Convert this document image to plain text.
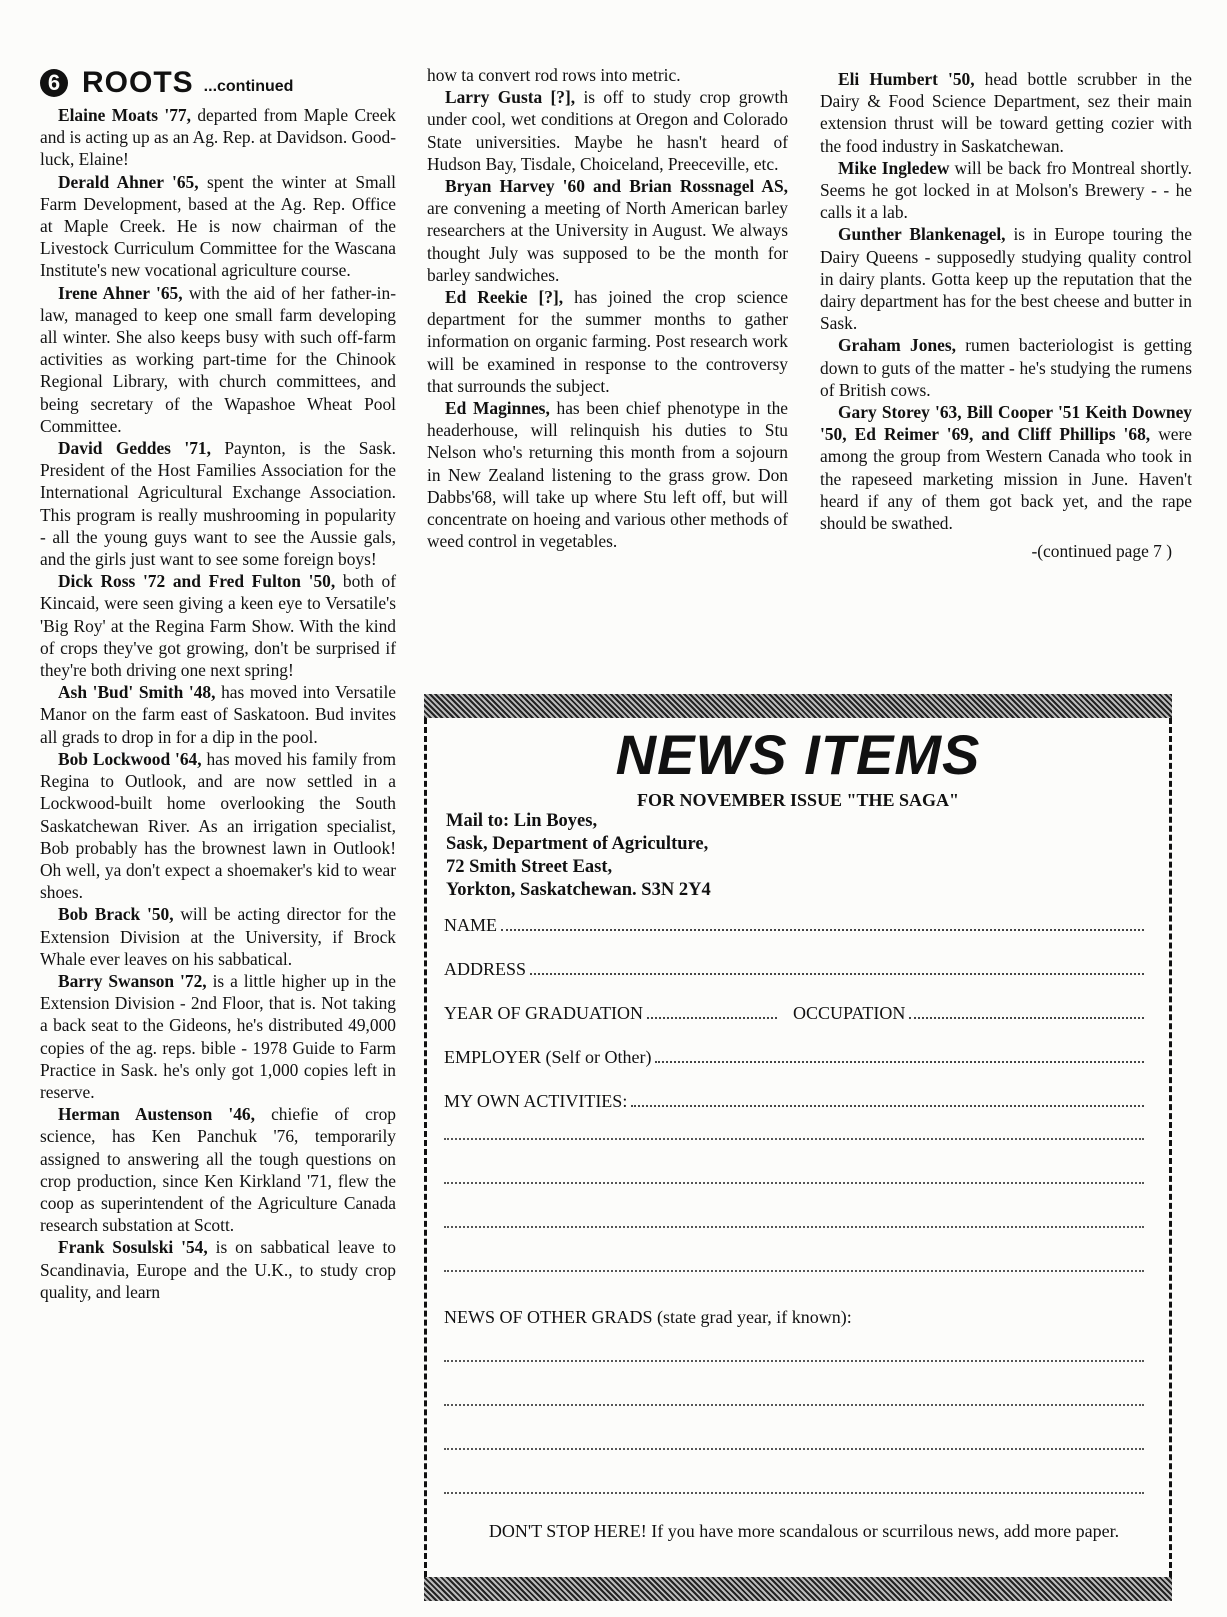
6 ROOTS ...continued

Elaine Moats '77, departed from Maple Creek and is acting up as an Ag. Rep. at Davidson. Good-luck, Elaine!

Derald Ahner '65, spent the winter at Small Farm Development, based at the Ag. Rep. Office at Maple Creek. He is now chairman of the Livestock Curriculum Committee for the Wascana Institute's new vocational agriculture course.

Irene Ahner '65, with the aid of her father-in-law, managed to keep one small farm developing all winter. She also keeps busy with such off-farm activities as working part-time for the Chinook Regional Library, with church committees, and being secretary of the Wapashoe Wheat Pool Committee.

David Geddes '71, Paynton, is the Sask. President of the Host Families Association for the International Agricultural Exchange Association. This program is really mushrooming in popularity - all the young guys want to see the Aussie gals, and the girls just want to see some foreign boys!

Dick Ross '72 and Fred Fulton '50, both of Kincaid, were seen giving a keen eye to Versatile's 'Big Roy' at the Regina Farm Show. With the kind of crops they've got growing, don't be surprised if they're both driving one next spring!

Ash 'Bud' Smith '48, has moved into Versatile Manor on the farm east of Saskatoon. Bud invites all grads to drop in for a dip in the pool.

Bob Lockwood '64, has moved his family from Regina to Outlook, and are now settled in a Lockwood-built home overlooking the South Saskatchewan River. As an irrigation specialist, Bob probably has the brownest lawn in Outlook! Oh well, ya don't expect a shoemaker's kid to wear shoes.

Bob Brack '50, will be acting director for the Extension Division at the University, if Brock Whale ever leaves on his sabbatical.

Barry Swanson '72, is a little higher up in the Extension Division - 2nd Floor, that is. Not taking a back seat to the Gideons, he's distributed 49,000 copies of the ag. reps. bible - 1978 Guide to Farm Practice in Sask. he's only got 1,000 copies left in reserve.

Herman Austenson '46, chiefie of crop science, has Ken Panchuk '76, temporarily assigned to answering all the tough questions on crop production, since Ken Kirkland '71, flew the coop as superintendent of the Agriculture Canada research substation at Scott.

Frank Sosulski '54, is on sabbatical leave to Scandinavia, Europe and the U.K., to study crop quality, and learn

how ta convert rod rows into metric.

Larry Gusta [?], is off to study crop growth under cool, wet conditions at Oregon and Colorado State universities. Maybe he hasn't heard of Hudson Bay, Tisdale, Choiceland, Preeceville, etc.

Bryan Harvey '60 and Brian Rossnagel AS, are convening a meeting of North American barley researchers at the University in August. We always thought July was supposed to be the month for barley sandwiches.

Ed Reekie [?], has joined the crop science department for the summer months to gather information on organic farming. Post research work will be examined in response to the controversy that surrounds the subject.

Ed Maginnes, has been chief phenotype in the headerhouse, will relinquish his duties to Stu Nelson who's returning this month from a sojourn in New Zealand listening to the grass grow. Don Dabbs'68, will take up where Stu left off, but will concentrate on hoeing and various other methods of weed control in vegetables.

Eli Humbert '50, head bottle scrubber in the Dairy & Food Science Department, sez their main extension thrust will be toward getting cozier with the food industry in Saskatchewan.

Mike Ingledew will be back fro Montreal shortly. Seems he got locked in at Molson's Brewery - - he calls it a lab.

Gunther Blankenagel, is in Europe touring the Dairy Queens - supposedly studying quality control in dairy plants. Gotta keep up the reputation that the dairy department has for the best cheese and butter in Sask.

Graham Jones, rumen bacteriologist is getting down to guts of the matter - he's studying the rumens of British cows.

Gary Storey '63, Bill Cooper '51 Keith Downey '50, Ed Reimer '69, and Cliff Phillips '68, were among the group from Western Canada who took in the rapeseed marketing mission in June. Haven't heard if any of them got back yet, and the rape should be swathed.

-(continued page 7 )
NEWS ITEMS
FOR NOVEMBER ISSUE "THE SAGA"
Mail to: Lin Boyes,
Sask, Department of Agriculture,
72 Smith Street East,
Yorkton, Saskatchewan. S3N 2Y4
NAME
ADDRESS
YEAR OF GRADUATION	OCCUPATION
EMPLOYER (Self or Other)
MY OWN ACTIVITIES:
NEWS OF OTHER GRADS (state grad year, if known):
DON'T STOP HERE! If you have more scandalous or scurrilous news, add more paper.
